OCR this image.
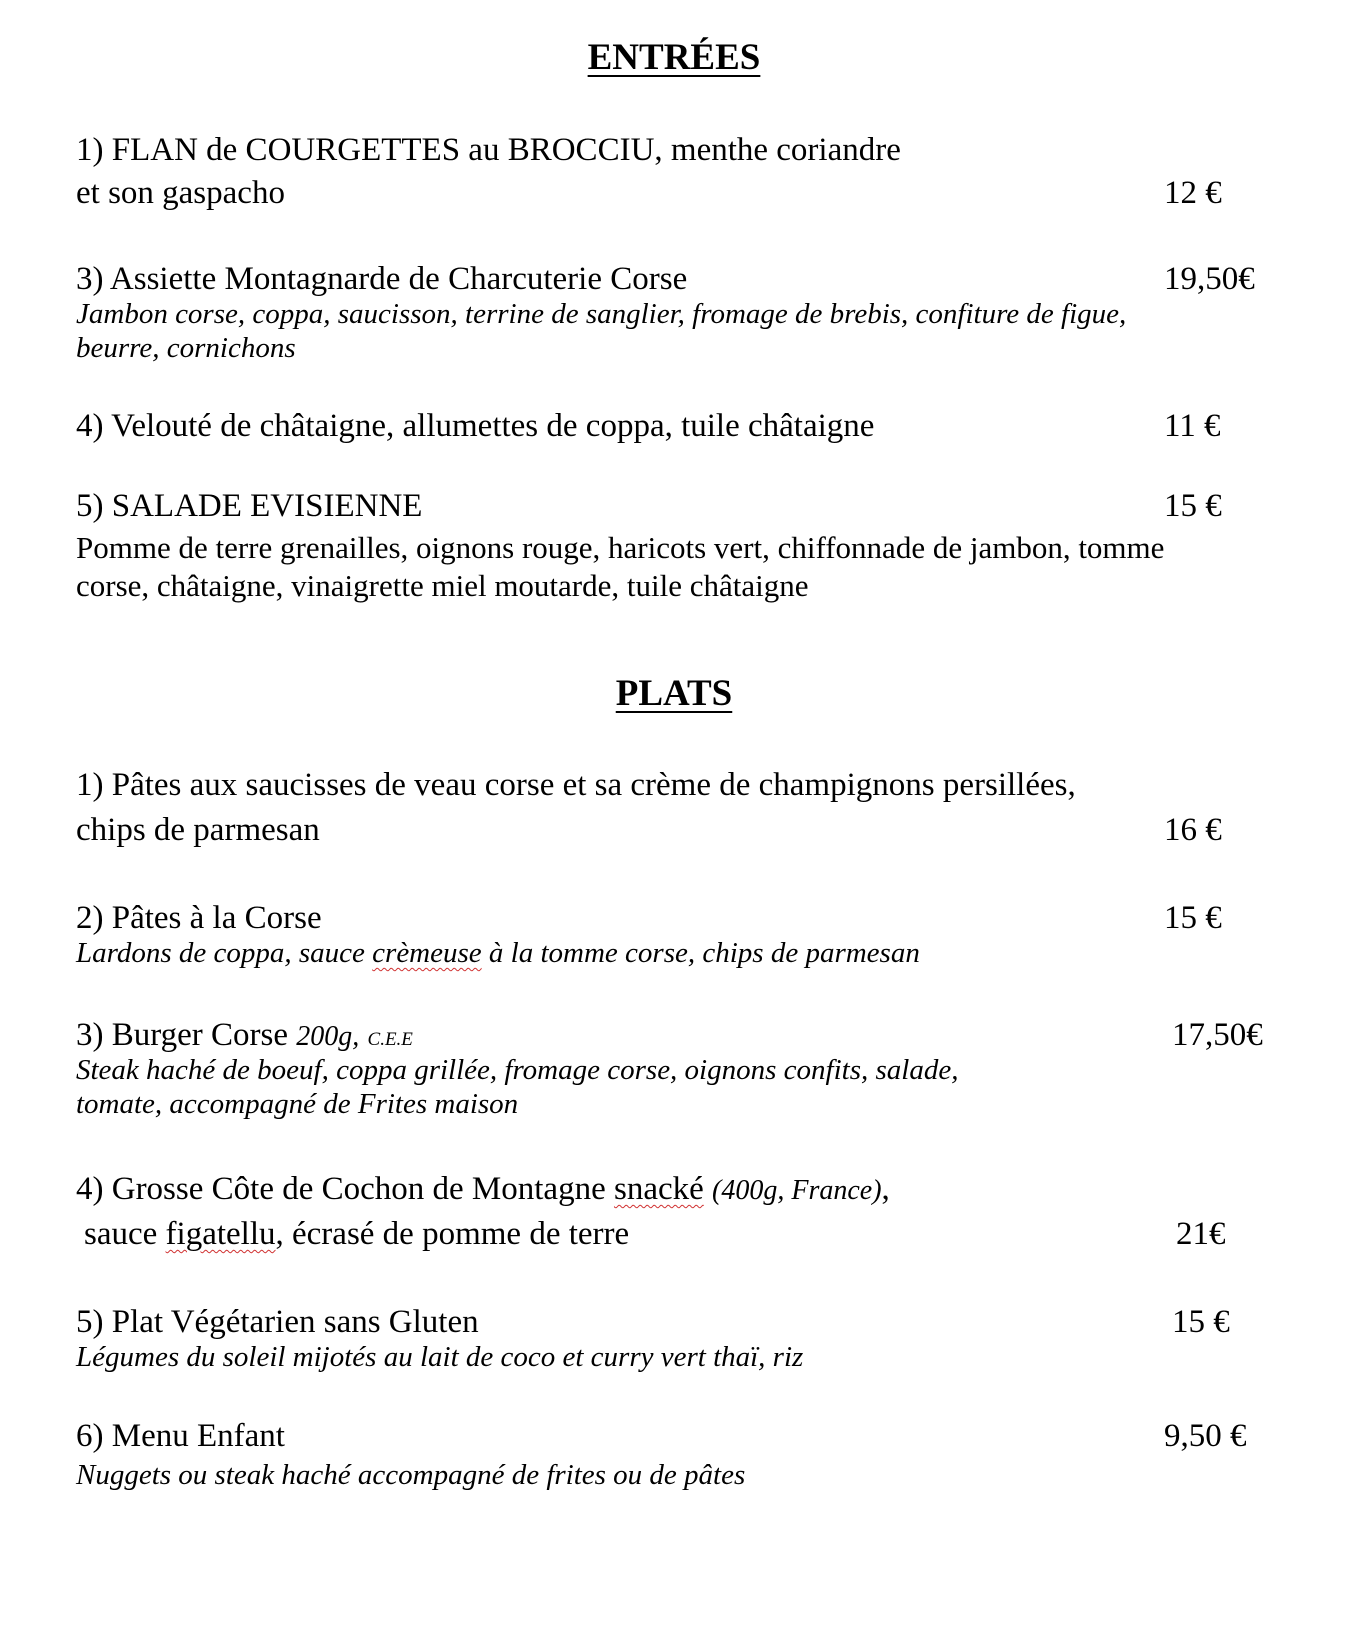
ENTRÉES
1) FLAN de COURGETTES au BROCCIU, menthe coriandre
et son gaspacho	12 €
3) Assiette Montagnarde de Charcuterie Corse	19,50€
Jambon corse, coppa, saucisson, terrine de sanglier, fromage de brebis, confiture de figue,
beurre, cornichons
4) Velouté de châtaigne, allumettes de coppa, tuile châtaigne	11 €
5) SALADE EVISIENNE	15 €
Pomme de terre grenailles, oignons rouge, haricots vert, chiffonnade de jambon, tomme
corse, châtaigne, vinaigrette miel moutarde, tuile châtaigne
PLATS
1) Pâtes aux saucisses de veau corse et sa crème de champignons persillées,
chips de parmesan	16 €
2) Pâtes à la Corse	15 €
Lardons de coppa, sauce crèmeuse à la tomme corse, chips de parmesan
3) Burger Corse 200g, C.E.E	17,50€
Steak haché de boeuf, coppa grillée, fromage corse, oignons confits, salade,
tomate, accompagné de Frites maison
4) Grosse Côte de Cochon de Montagne snacké (400g, France),
sauce figatellu, écrasé de pomme de terre	21€
5) Plat Végétarien sans Gluten	15 €
Légumes du soleil mijotés au lait de coco et curry vert thaï, riz
6) Menu Enfant	9,50 €
Nuggets ou steak haché accompagné de frites ou de pâtes
